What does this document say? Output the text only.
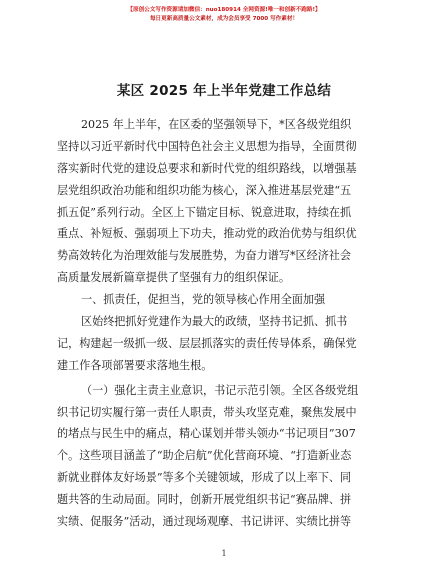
【原创公文写作资源请加微信：nuo180914 全网资源!唯一和创新不跑路!】
每日更新高质量公文素材，成为会员享受 7000 写作素材！
某区 2025 年上半年党建工作总结
2025 年上半年，在区委的坚强领导下，*区各级党组织
坚持以习近平新时代中国特色社会主义思想为指导，全面贯彻
落实新时代党的建设总要求和新时代党的组织路线，以增强基
层党组织政治功能和组织功能为核心，深入推进基层党建“五
抓五促”系列行动。全区上下锚定目标、锐意进取，持续在抓
重点、补短板、强弱项上下功夫，推动党的政治优势与组织优
势高效转化为治理效能与发展胜势，为奋力谱写*区经济社会
高质量发展新篇章提供了坚强有力的组织保证。
一、抓责任，促担当，党的领导核心作用全面加强
区始终把抓好党建作为最大的政绩，坚持书记抓、抓书
记，构建起一级抓一级、层层抓落实的责任传导体系，确保党
建工作各项部署要求落地生根。
（一）强化主责主业意识，书记示范引领。全区各级党组
织书记切实履行第一责任人职责，带头攻坚克难，聚焦发展中
的堵点与民生中的痛点，精心谋划并带头领办“书记项目”307
个。这些项目涵盖了“助企启航”优化营商环境、“打造新业态
新就业群体友好场景”等多个关键领域，形成了以上率下、同
题共答的生动局面。同时，创新开展党组织书记“赛品牌、拼
实绩、促服务”活动，通过现场观摩、书记讲评、实绩比拼等
1
